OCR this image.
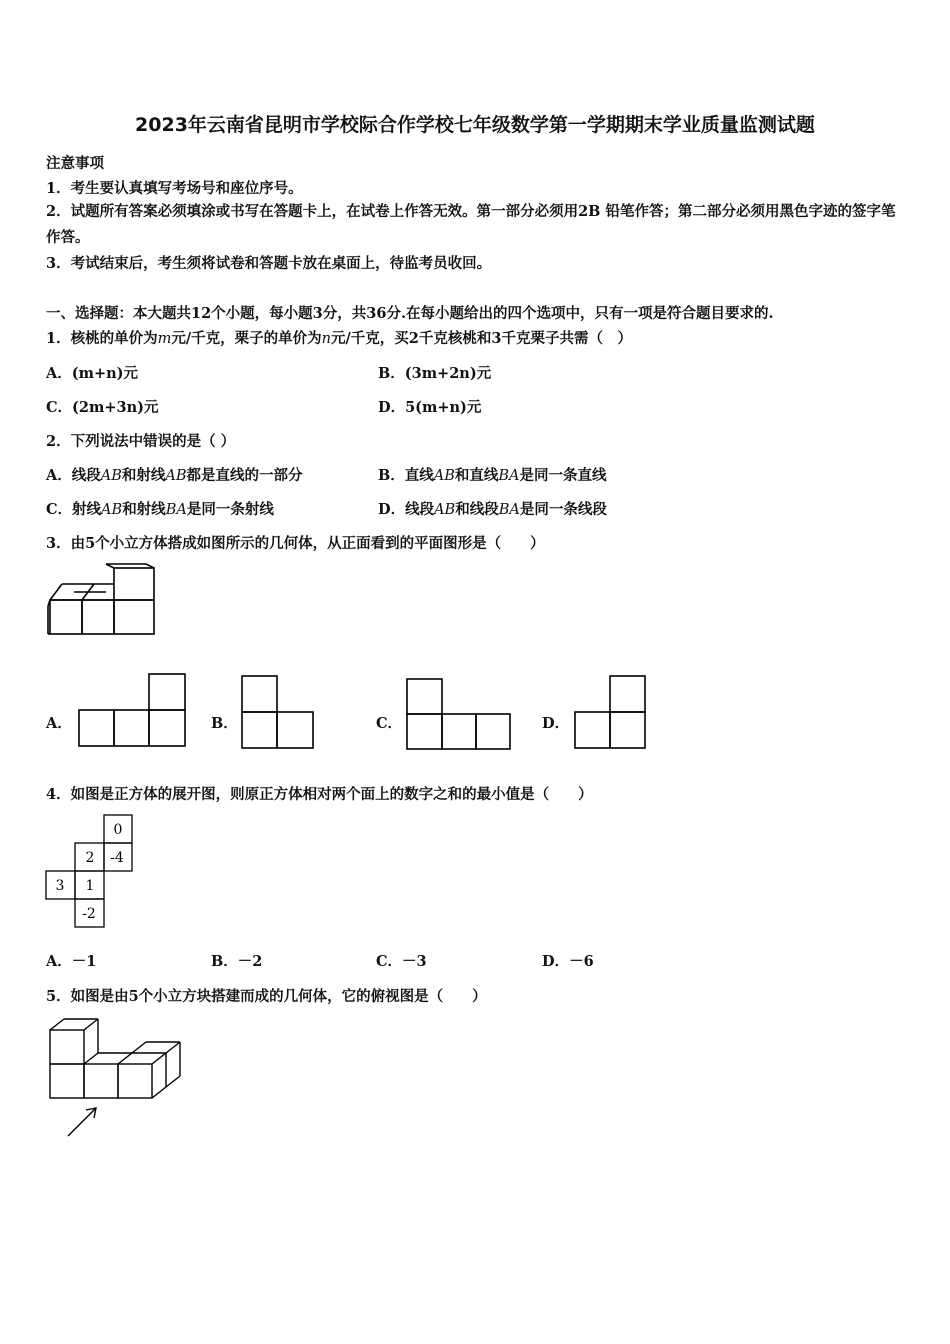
2023年云南省昆明市学校际合作学校七年级数学第一学期期末学业质量监测试题
注意事项
1．考生要认真填写考场号和座位序号。
2．试题所有答案必须填涂或书写在答题卡上，在试卷上作答无效。第一部分必须用2B 铅笔作答；第二部分必须用黑色字迹的签字笔作答。
3．考试结束后，考生须将试卷和答题卡放在桌面上，待监考员收回。
一、选择题：本大题共12个小题，每小题3分，共36分.在每小题给出的四个选项中，只有一项是符合题目要求的.
1．核桃的单价为m元/千克，栗子的单价为n元/千克，买2千克核桃和3千克栗子共需（　）
A．(m+n)元	B．(3m+2n)元
C．(2m+3n)元	D．5(m+n)元
2．下列说法中错误的是（ ）
A．线段AB和射线AB都是直线的一部分	B．直线AB和直线BA是同一条直线
C．射线AB和射线BA是同一条射线	D．线段AB和线段BA是同一条线段
3．由5个小立方体搭成如图所示的几何体，从正面看到的平面图形是（　　）
A．	B．	C．	D．
4．如图是正方体的展开图，则原正方体相对两个面上的数字之和的最小值是（　　）
0
2 -4
3 1
-2
A．－1	B．－2	C．－3	D．－6
5．如图是由5个小立方块搭建而成的几何体，它的俯视图是（　　）
